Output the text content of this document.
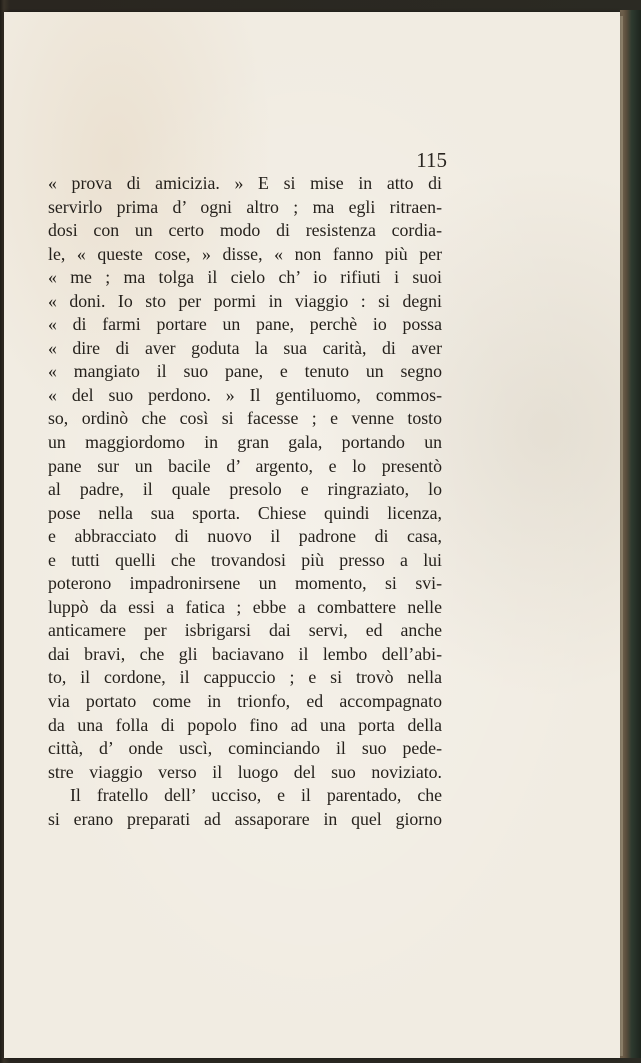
115

« prova di amicizia. » E si mise in atto di
servirlo prima d’ ogni altro ; ma egli ritraen-
dosi con un certo modo di resistenza cordia-
le, « queste cose, » disse, « non fanno più per
« me ; ma tolga il cielo ch’ io rifiuti i suoi
« doni. Io sto per pormi in viaggio : si degni
« di farmi portare un pane, perchè io possa
« dire di aver goduta la sua carità, di aver
« mangiato il suo pane, e tenuto un segno
« del suo perdono. » Il gentiluomo, commos-
so, ordinò che così si facesse ; e venne tosto
un maggiordomo in gran gala, portando un
pane sur un bacile d’ argento, e lo presentò
al padre, il quale presolo e ringraziato, lo
pose nella sua sporta. Chiese quindi licenza,
e abbracciato di nuovo il padrone di casa,
e tutti quelli che trovandosi più presso a lui
poterono impadronirsene un momento, si svi-
luppò da essi a fatica ; ebbe a combattere nelle
anticamere per isbrigarsi dai servi, ed anche
dai bravi, che gli baciavano il lembo dell’abi-
to, il cordone, il cappuccio ; e si trovò nella
via portato come in trionfo, ed accompagnato
da una folla di popolo fino ad una porta della
città, d’ onde uscì, cominciando il suo pede-
stre viaggio verso il luogo del suo noviziato.
Il fratello dell’ ucciso, e il parentado, che
si erano preparati ad assaporare in quel giorno
